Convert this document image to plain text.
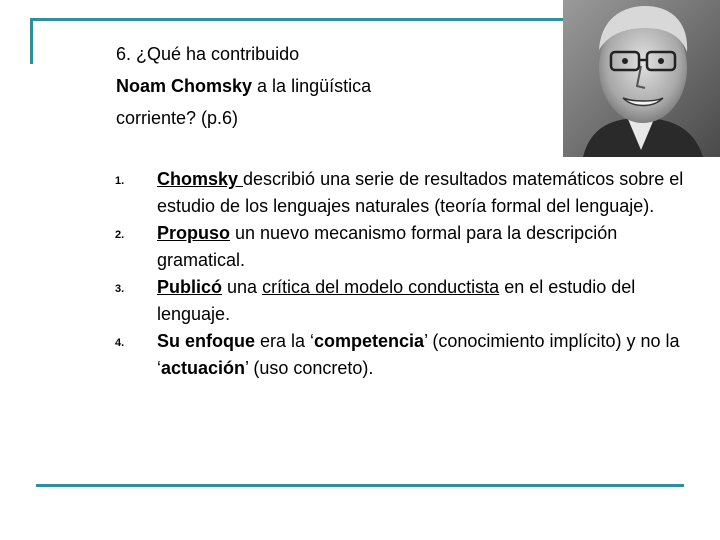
6. ¿Qué ha contribuido
Noam Chomsky a la lingüística
corriente? (p.6)
1. Chomsky describió una serie de resultados matemáticos sobre el estudio de los lenguajes naturales (teoría formal del lenguaje).
2. Propuso un nuevo mecanismo formal para la descripción gramatical.
3. Publicó una crítica del modelo conductista en el estudio del lenguaje.
4. Su enfoque era la ‘competencia’ (conocimiento implícito) y no la ‘actuación’ (uso concreto).
